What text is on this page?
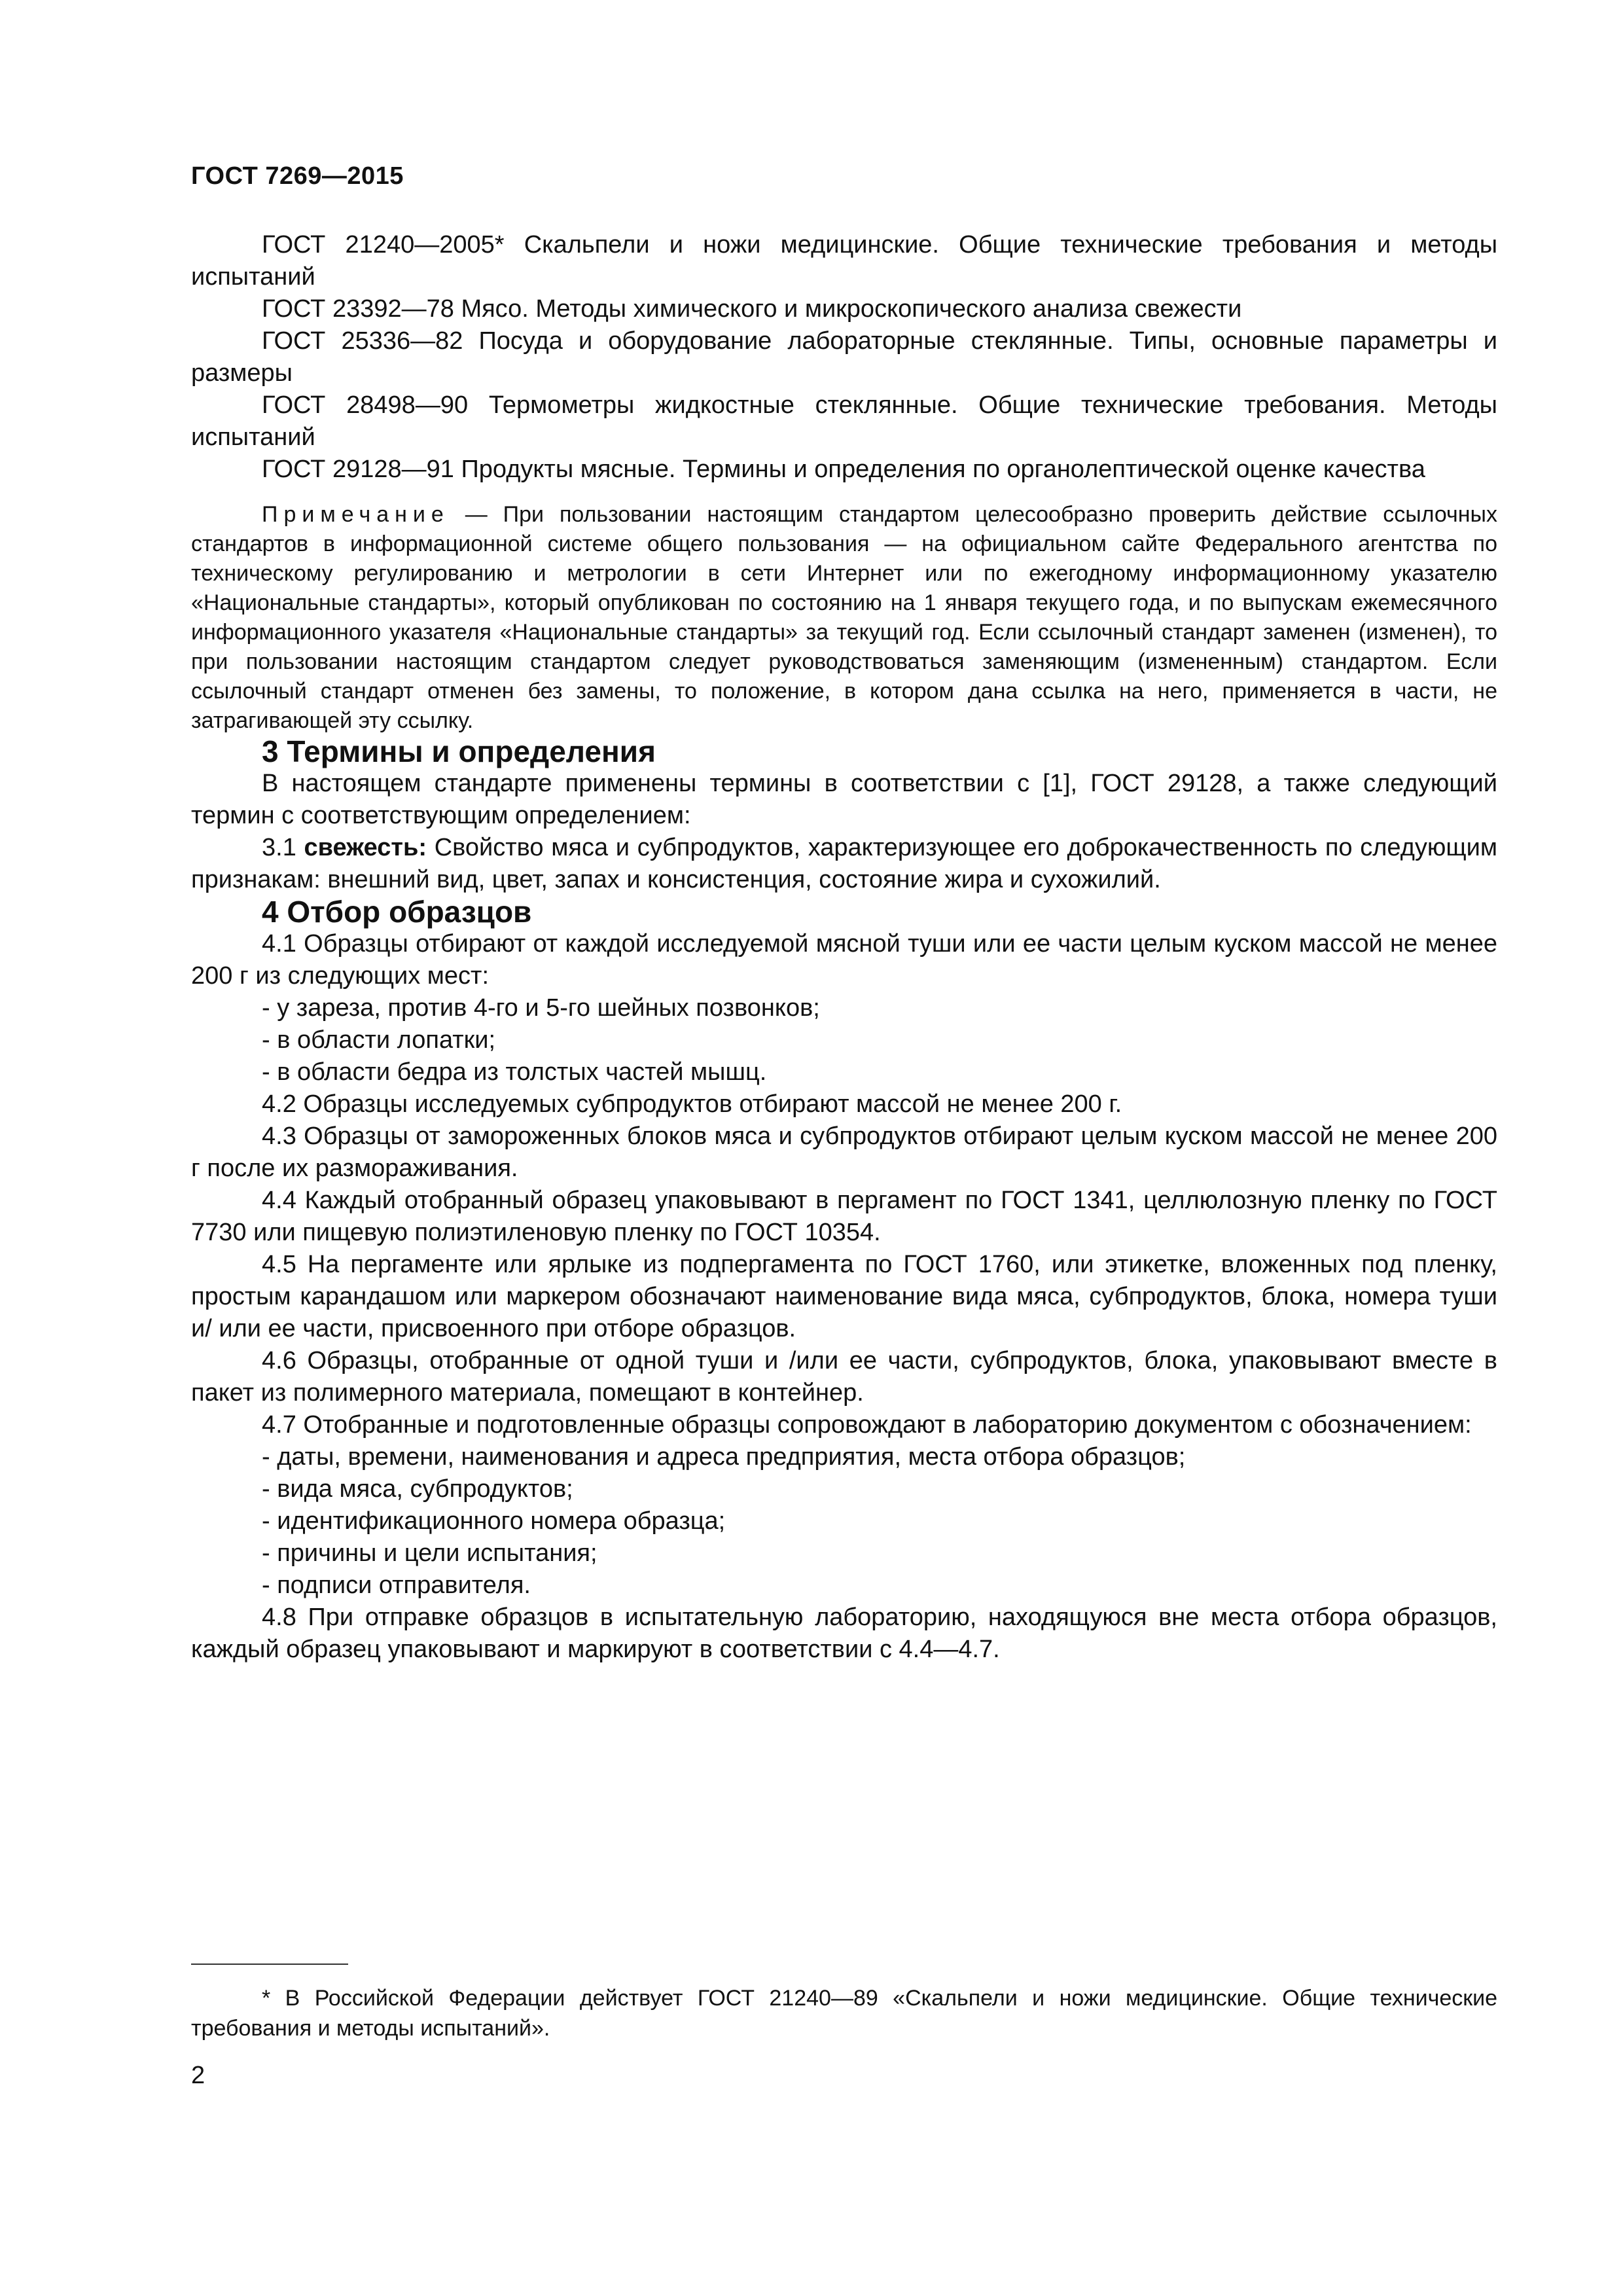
ГОСТ 7269—2015

ГОСТ 21240—2005* Скальпели и ножи медицинские. Общие технические требования и методы испытаний

ГОСТ 23392—78 Мясо. Методы химического и микроскопического анализа свежести

ГОСТ 25336—82 Посуда и оборудование лабораторные стеклянные. Типы, основные параметры и размеры

ГОСТ 28498—90 Термометры жидкостные стеклянные. Общие технические требования. Методы испытаний

ГОСТ 29128—91 Продукты мясные. Термины и определения по органолептической оценке качества

Примечание — При пользовании настоящим стандартом целесообразно проверить действие ссылочных стандартов в информационной системе общего пользования — на официальном сайте Федерального агентства по техническому регулированию и метрологии в сети Интернет или по ежегодному информационному указателю «Национальные стандарты», который опубликован по состоянию на 1 января текущего года, и по выпускам ежемесячного информационного указателя «Национальные стандарты» за текущий год. Если ссылочный стандарт заменен (изменен), то при пользовании настоящим стандартом следует руководствоваться заменяющим (измененным) стандартом. Если ссылочный стандарт отменен без замены, то положение, в котором дана ссылка на него, применяется в части, не затрагивающей эту ссылку.
3 Термины и определения

В настоящем стандарте применены термины в соответствии с [1], ГОСТ 29128, а также следующий термин с соответствующим определением:

3.1 свежесть: Свойство мяса и субпродуктов, характеризующее его доброкачественность по следующим признакам: внешний вид, цвет, запах и консистенция, состояние жира и сухожилий.

4 Отбор образцов

4.1 Образцы отбирают от каждой исследуемой мясной туши или ее части целым куском массой не менее 200 г из следующих мест:

- у зареза, против 4-го и 5-го шейных позвонков;

- в области лопатки;

- в области бедра из толстых частей мышц.

4.2 Образцы исследуемых субпродуктов отбирают массой не менее 200 г.

4.3 Образцы от замороженных блоков мяса и субпродуктов отбирают целым куском массой не менее 200 г после их размораживания.

4.4 Каждый отобранный образец упаковывают в пергамент по ГОСТ 1341, целлюлозную пленку по ГОСТ 7730 или пищевую полиэтиленовую пленку по ГОСТ 10354.

4.5 На пергаменте или ярлыке из подпергамента по ГОСТ 1760, или этикетке, вложенных под пленку, простым карандашом или маркером обозначают наименование вида мяса, субпродуктов, блока, номера туши и/ или ее части, присвоенного при отборе образцов.

4.6 Образцы, отобранные от одной туши и /или ее части, субпродуктов, блока, упаковывают вместе в пакет из полимерного материала, помещают в контейнер.

4.7 Отобранные и подготовленные образцы сопровождают в лабораторию документом с обозначением:

- даты, времени, наименования и адреса предприятия, места отбора образцов;

- вида мяса, субпродуктов;

- идентификационного номера образца;

- причины и цели испытания;

- подписи отправителя.

4.8 При отправке образцов в испытательную лабораторию, находящуюся вне места отбора образцов, каждый образец упаковывают и маркируют в соответствии с 4.4—4.7.

* В Российской Федерации действует ГОСТ 21240—89 «Скальпели и ножи медицинские. Общие технические требования и методы испытаний».
2
